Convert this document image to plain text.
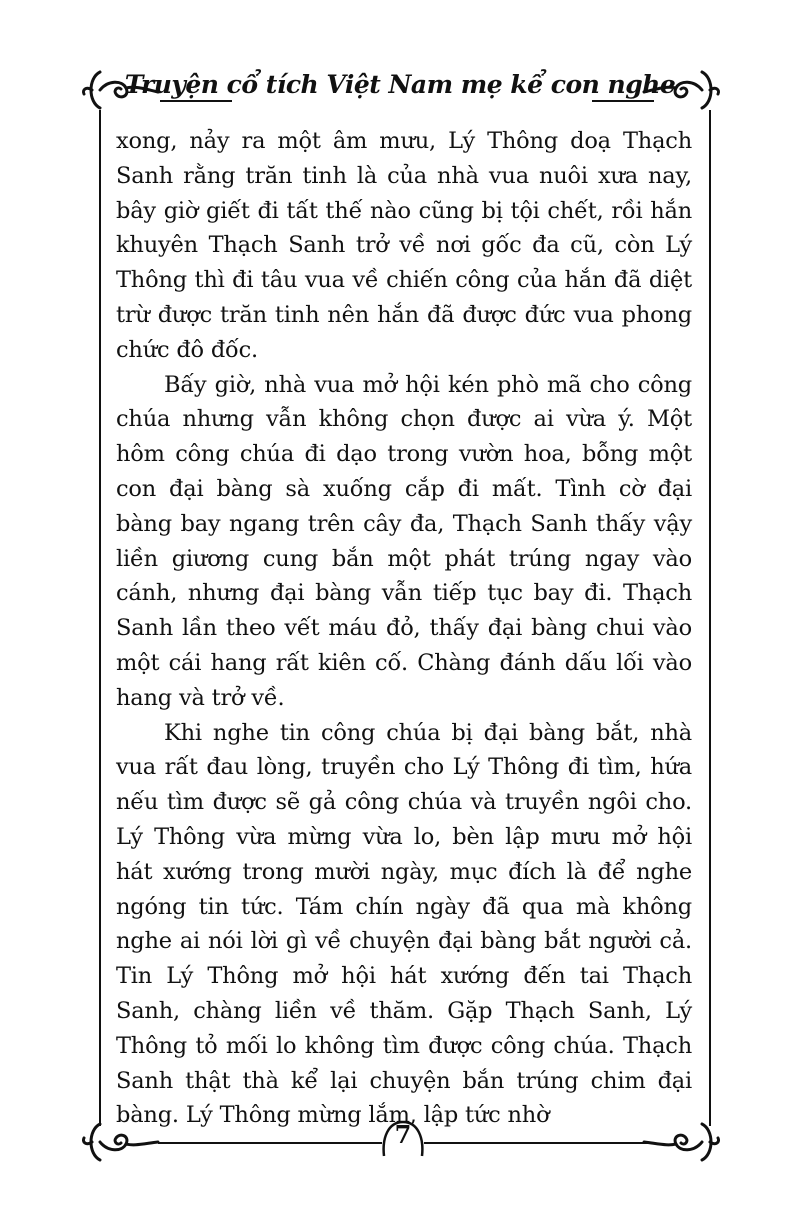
Truyện cổ tích Việt Nam mẹ kể con nghe

xong, nảy ra một âm mưu, Lý Thông doạ Thạch Sanh rằng trăn tinh là của nhà vua nuôi xưa nay, bây giờ giết đi tất thế nào cũng bị tội chết, rồi hắn khuyên Thạch Sanh trở về nơi gốc đa cũ, còn Lý Thông thì đi tâu vua về chiến công của hắn đã diệt trừ được trăn tinh nên hắn đã được đức vua phong chức đô đốc.

Bấy giờ, nhà vua mở hội kén phò mã cho công chúa nhưng vẫn không chọn được ai vừa ý. Một hôm công chúa đi dạo trong vườn hoa, bỗng một con đại bàng sà xuống cắp đi mất. Tình cờ đại bàng bay ngang trên cây đa, Thạch Sanh thấy vậy liền giương cung bắn một phát trúng ngay vào cánh, nhưng đại bàng vẫn tiếp tục bay đi. Thạch Sanh lần theo vết máu đỏ, thấy đại bàng chui vào một cái hang rất kiên cố. Chàng đánh dấu lối vào hang và trở về.

Khi nghe tin công chúa bị đại bàng bắt, nhà vua rất đau lòng, truyền cho Lý Thông đi tìm, hứa nếu tìm được sẽ gả công chúa và truyền ngôi cho. Lý Thông vừa mừng vừa lo, bèn lập mưu mở hội hát xướng trong mười ngày, mục đích là để nghe ngóng tin tức. Tám chín ngày đã qua mà không nghe ai nói lời gì về chuyện đại bàng bắt người cả. Tin Lý Thông mở hội hát xướng đến tai Thạch Sanh, chàng liền về thăm. Gặp Thạch Sanh, Lý Thông tỏ mối lo không tìm được công chúa. Thạch Sanh thật thà kể lại chuyện bắn trúng chim đại bàng. Lý Thông mừng lắm, lập tức nhờ

7
